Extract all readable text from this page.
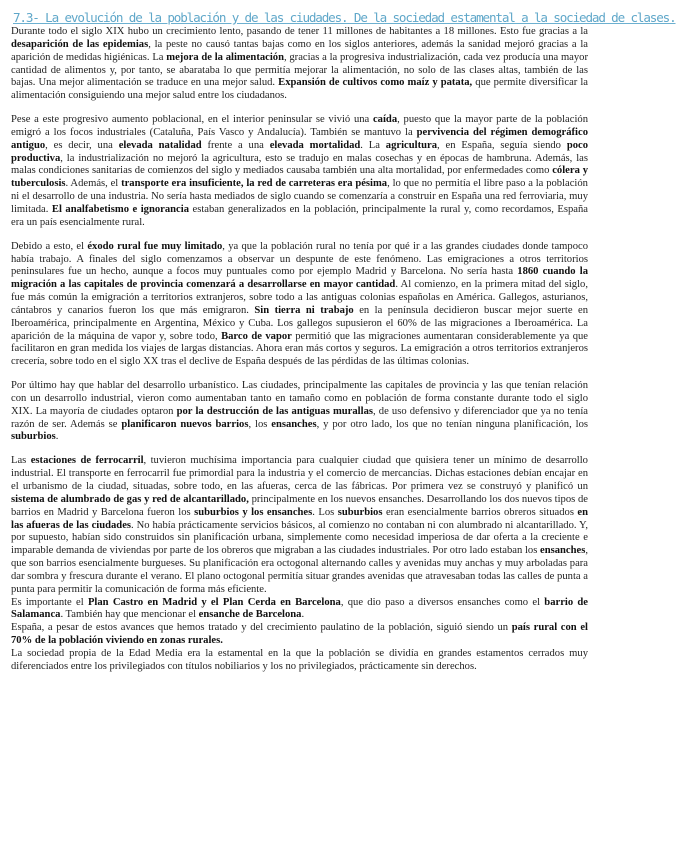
7.3- La evolución de la población y de las ciudades. De la sociedad estamental a la sociedad de clases.

Durante todo el siglo XIX hubo un crecimiento lento, pasando de tener 11 millones de habitantes a 18 millones. Esto fue gracias a la desaparición de las epidemias, la peste no causó tantas bajas como en los siglos anteriores, además la sanidad mejoró gracias a la aparición de medidas higiénicas. La mejora de la alimentación, gracias a la progresiva industrialización, cada vez producía una mayor cantidad de alimentos y, por tanto, se abarataba lo que permitía mejorar la alimentación, no solo de las clases altas, también de las bajas. Una mejor alimentación se traduce en una mejor salud. Expansión de cultivos como maíz y patata, que permite diversificar la alimentación consiguiendo una mejor salud entre los ciudadanos.

Pese a este progresivo aumento poblacional, en el interior peninsular se vivió una caída, puesto que la mayor parte de la población emigró a los focos industriales (Cataluña, País Vasco y Andalucía). También se mantuvo la pervivencia del régimen demográfico antiguo, es decir, una elevada natalidad frente a una elevada mortalidad. La agricultura, en España, seguía siendo poco productiva, la industrialización no mejoró la agricultura, esto se tradujo en malas cosechas y en épocas de hambruna. Además, las malas condiciones sanitarias de comienzos del siglo y mediados causaba también una alta mortalidad, por enfermedades como cólera y tuberculosis. Además, el transporte era insuficiente, la red de carreteras era pésima, lo que no permitía el libre paso a la población ni el desarrollo de una industria. No sería hasta mediados de siglo cuando se comenzaría a construir en España una red ferroviaria, muy limitada. El analfabetismo e ignorancia estaban generalizados en la población, principalmente la rural y, como recordamos, España era un país esencialmente rural.

Debido a esto, el éxodo rural fue muy limitado, ya que la población rural no tenía por qué ir a las grandes ciudades donde tampoco había trabajo. A finales del siglo comenzamos a observar un despunte de este fenómeno. Las emigraciones a otros territorios peninsulares fue un hecho, aunque a focos muy puntuales como por ejemplo Madrid y Barcelona. No sería hasta 1860 cuando la migración a las capitales de provincia comenzará a desarrollarse en mayor cantidad. Al comienzo, en la primera mitad del siglo, fue más común la emigración a territorios extranjeros, sobre todo a las antiguas colonias españolas en América. Gallegos, asturianos, cántabros y canarios fueron los que más emigraron. Sin tierra ni trabajo en la península decidieron buscar mejor suerte en Iberoamérica, principalmente en Argentina, México y Cuba. Los gallegos supusieron el 60% de las migraciones a Iberoamérica. La aparición de la máquina de vapor y, sobre todo, Barco de vapor permitió que las migraciones aumentaran considerablemente ya que facilitaron en gran medida los viajes de largas distancias. Ahora eran más cortos y seguros. La emigración a otros territorios extranjeros crecería, sobre todo en el siglo XX tras el declive de España después de las pérdidas de las últimas colonias.

Por último hay que hablar del desarrollo urbanístico. Las ciudades, principalmente las capitales de provincia y las que tenían relación con un desarrollo industrial, vieron como aumentaban tanto en tamaño como en población de forma constante durante todo el siglo XIX. La mayoría de ciudades optaron por la destrucción de las antiguas murallas, de uso defensivo y diferenciador que ya no tenía razón de ser. Además se planificaron nuevos barrios, los ensanches, y por otro lado, los que no tenían ninguna planificación, los suburbios.

Las estaciones de ferrocarril, tuvieron muchísima importancia para cualquier ciudad que quisiera tener un mínimo de desarrollo industrial. El transporte en ferrocarril fue primordial para la industria y el comercio de mercancías. Dichas estaciones debían encajar en el urbanismo de la ciudad, situadas, sobre todo, en las afueras, cerca de las fábricas. Por primera vez se construyó y planificó un sistema de alumbrado de gas y red de alcantarillado, principalmente en los nuevos ensanches. Desarrollando los dos nuevos tipos de barrios en Madrid y Barcelona fueron los suburbios y los ensanches. Los suburbios eran esencialmente barrios obreros situados en las afueras de las ciudades. No había prácticamente servicios básicos, al comienzo no contaban ni con alumbrado ni alcantarillado. Y, por supuesto, habían sido construidos sin planificación urbana, simplemente como necesidad imperiosa de dar oferta a la creciente e imparable demanda de viviendas por parte de los obreros que migraban a las ciudades industriales. Por otro lado estaban los ensanches, que son barrios esencialmente burgueses. Su planificación era octogonal alternando calles y avenidas muy anchas y muy arboladas para dar sombra y frescura durante el verano. El plano octogonal permitía situar grandes avenidas que atravesaban todas las calles de punta a punta para permitir la comunicación de forma más eficiente.

Es importante el Plan Castro en Madrid y el Plan Cerda en Barcelona, que dio paso a diversos ensanches como el barrio de Salamanca. También hay que mencionar el ensanche de Barcelona.

España, a pesar de estos avances que hemos tratado y del crecimiento paulatino de la población, siguió siendo un país rural con el 70% de la población viviendo en zonas rurales.

La sociedad propia de la Edad Media era la estamental en la que la población se dividía en grandes estamentos cerrados muy diferenciados entre los privilegiados con títulos nobiliarios y los no privilegiados, prácticamente sin derechos.
